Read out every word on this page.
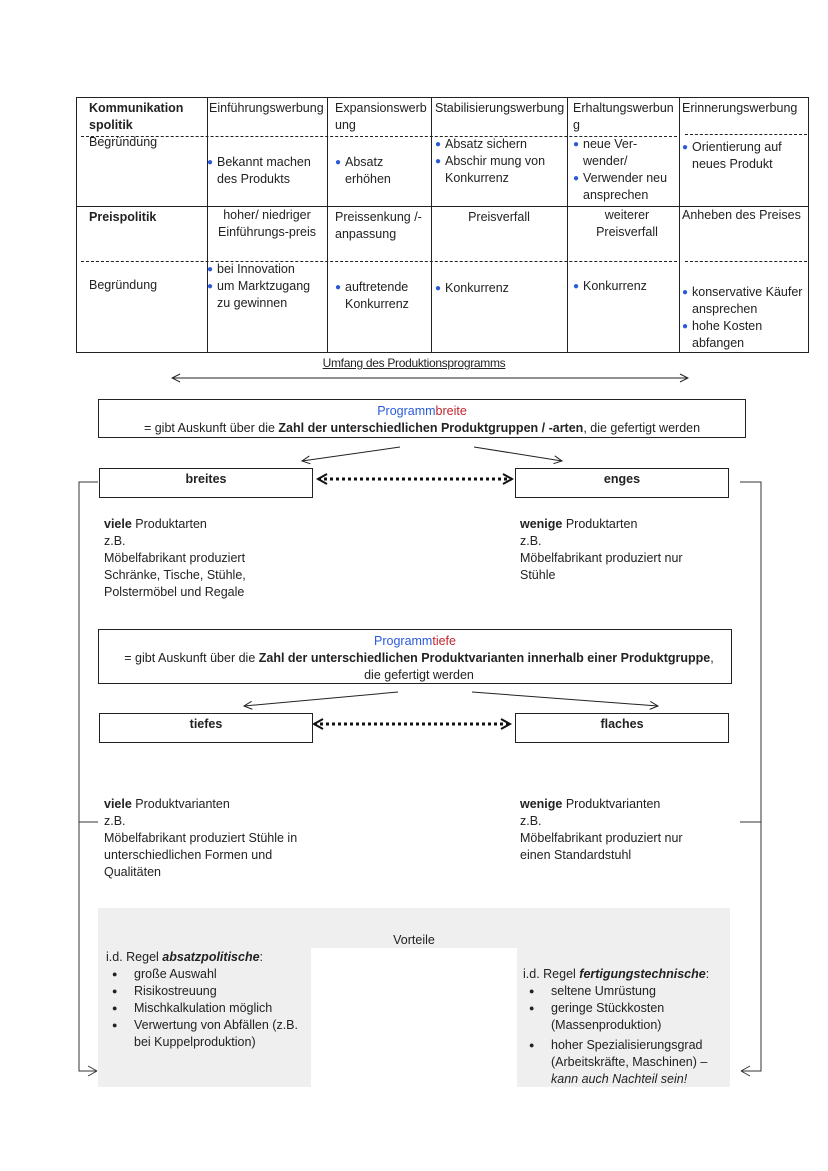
Kommunikation spolitik
Begründung
Einführungswerbung
● Bekannt machen des Produkts
Expansionswerbung
● Absatz erhöhen
Stabilisierungswerbung
● Absatz sichern
● Abschir mung von Konkurrenz
Erhaltungswerbung
● neue Ver-wender/
● Verwender neu ansprechen
Erinnerungswerbung
● Orientierung auf neues Produkt
Preispolitik
Begründung
hoher/ niedriger Einführungs-preis
● bei Innovation
● um Marktzugang zu gewinnen
Preissenkung /-anpassung
● auftretende Konkurrenz
Preisverfall
● Konkurrenz
weiterer Preisverfall
● Konkurrenz
Anheben des Preises
● konservative Käufer ansprechen
● hohe Kosten abfangen
Umfang des Produktionsprogramms
Programmbreite
= gibt Auskunft über die Zahl der unterschiedlichen Produktgruppen / -arten, die gefertigt werden
breites	enges
viele Produktarten
z.B.
Möbelfabrikant produziert
Schränke, Tische, Stühle,
Polstermöbel und Regale
wenige Produktarten
z.B.
Möbelfabrikant produziert nur
Stühle
Programmtiefe
= gibt Auskunft über die Zahl der unterschiedlichen Produktvarianten innerhalb einer Produktgruppe, die gefertigt werden
tiefes	flaches
viele Produktvarianten
z.B.
Möbelfabrikant produziert Stühle in
unterschiedlichen Formen und
Qualitäten
wenige Produktvarianten
z.B.
Möbelfabrikant produziert nur
einen Standardstuhl
Vorteile
i.d. Regel absatzpolitische:
● große Auswahl
● Risikostreuung
● Mischkalkulation möglich
● Verwertung von Abfällen (z.B. bei Kuppelproduktion)
i.d. Regel fertigungstechnische:
● seltene Umrüstung
● geringe Stückkosten (Massenproduktion)
● hoher Spezialisierungsgrad (Arbeitskräfte, Maschinen) –
kann auch Nachteil sein!
